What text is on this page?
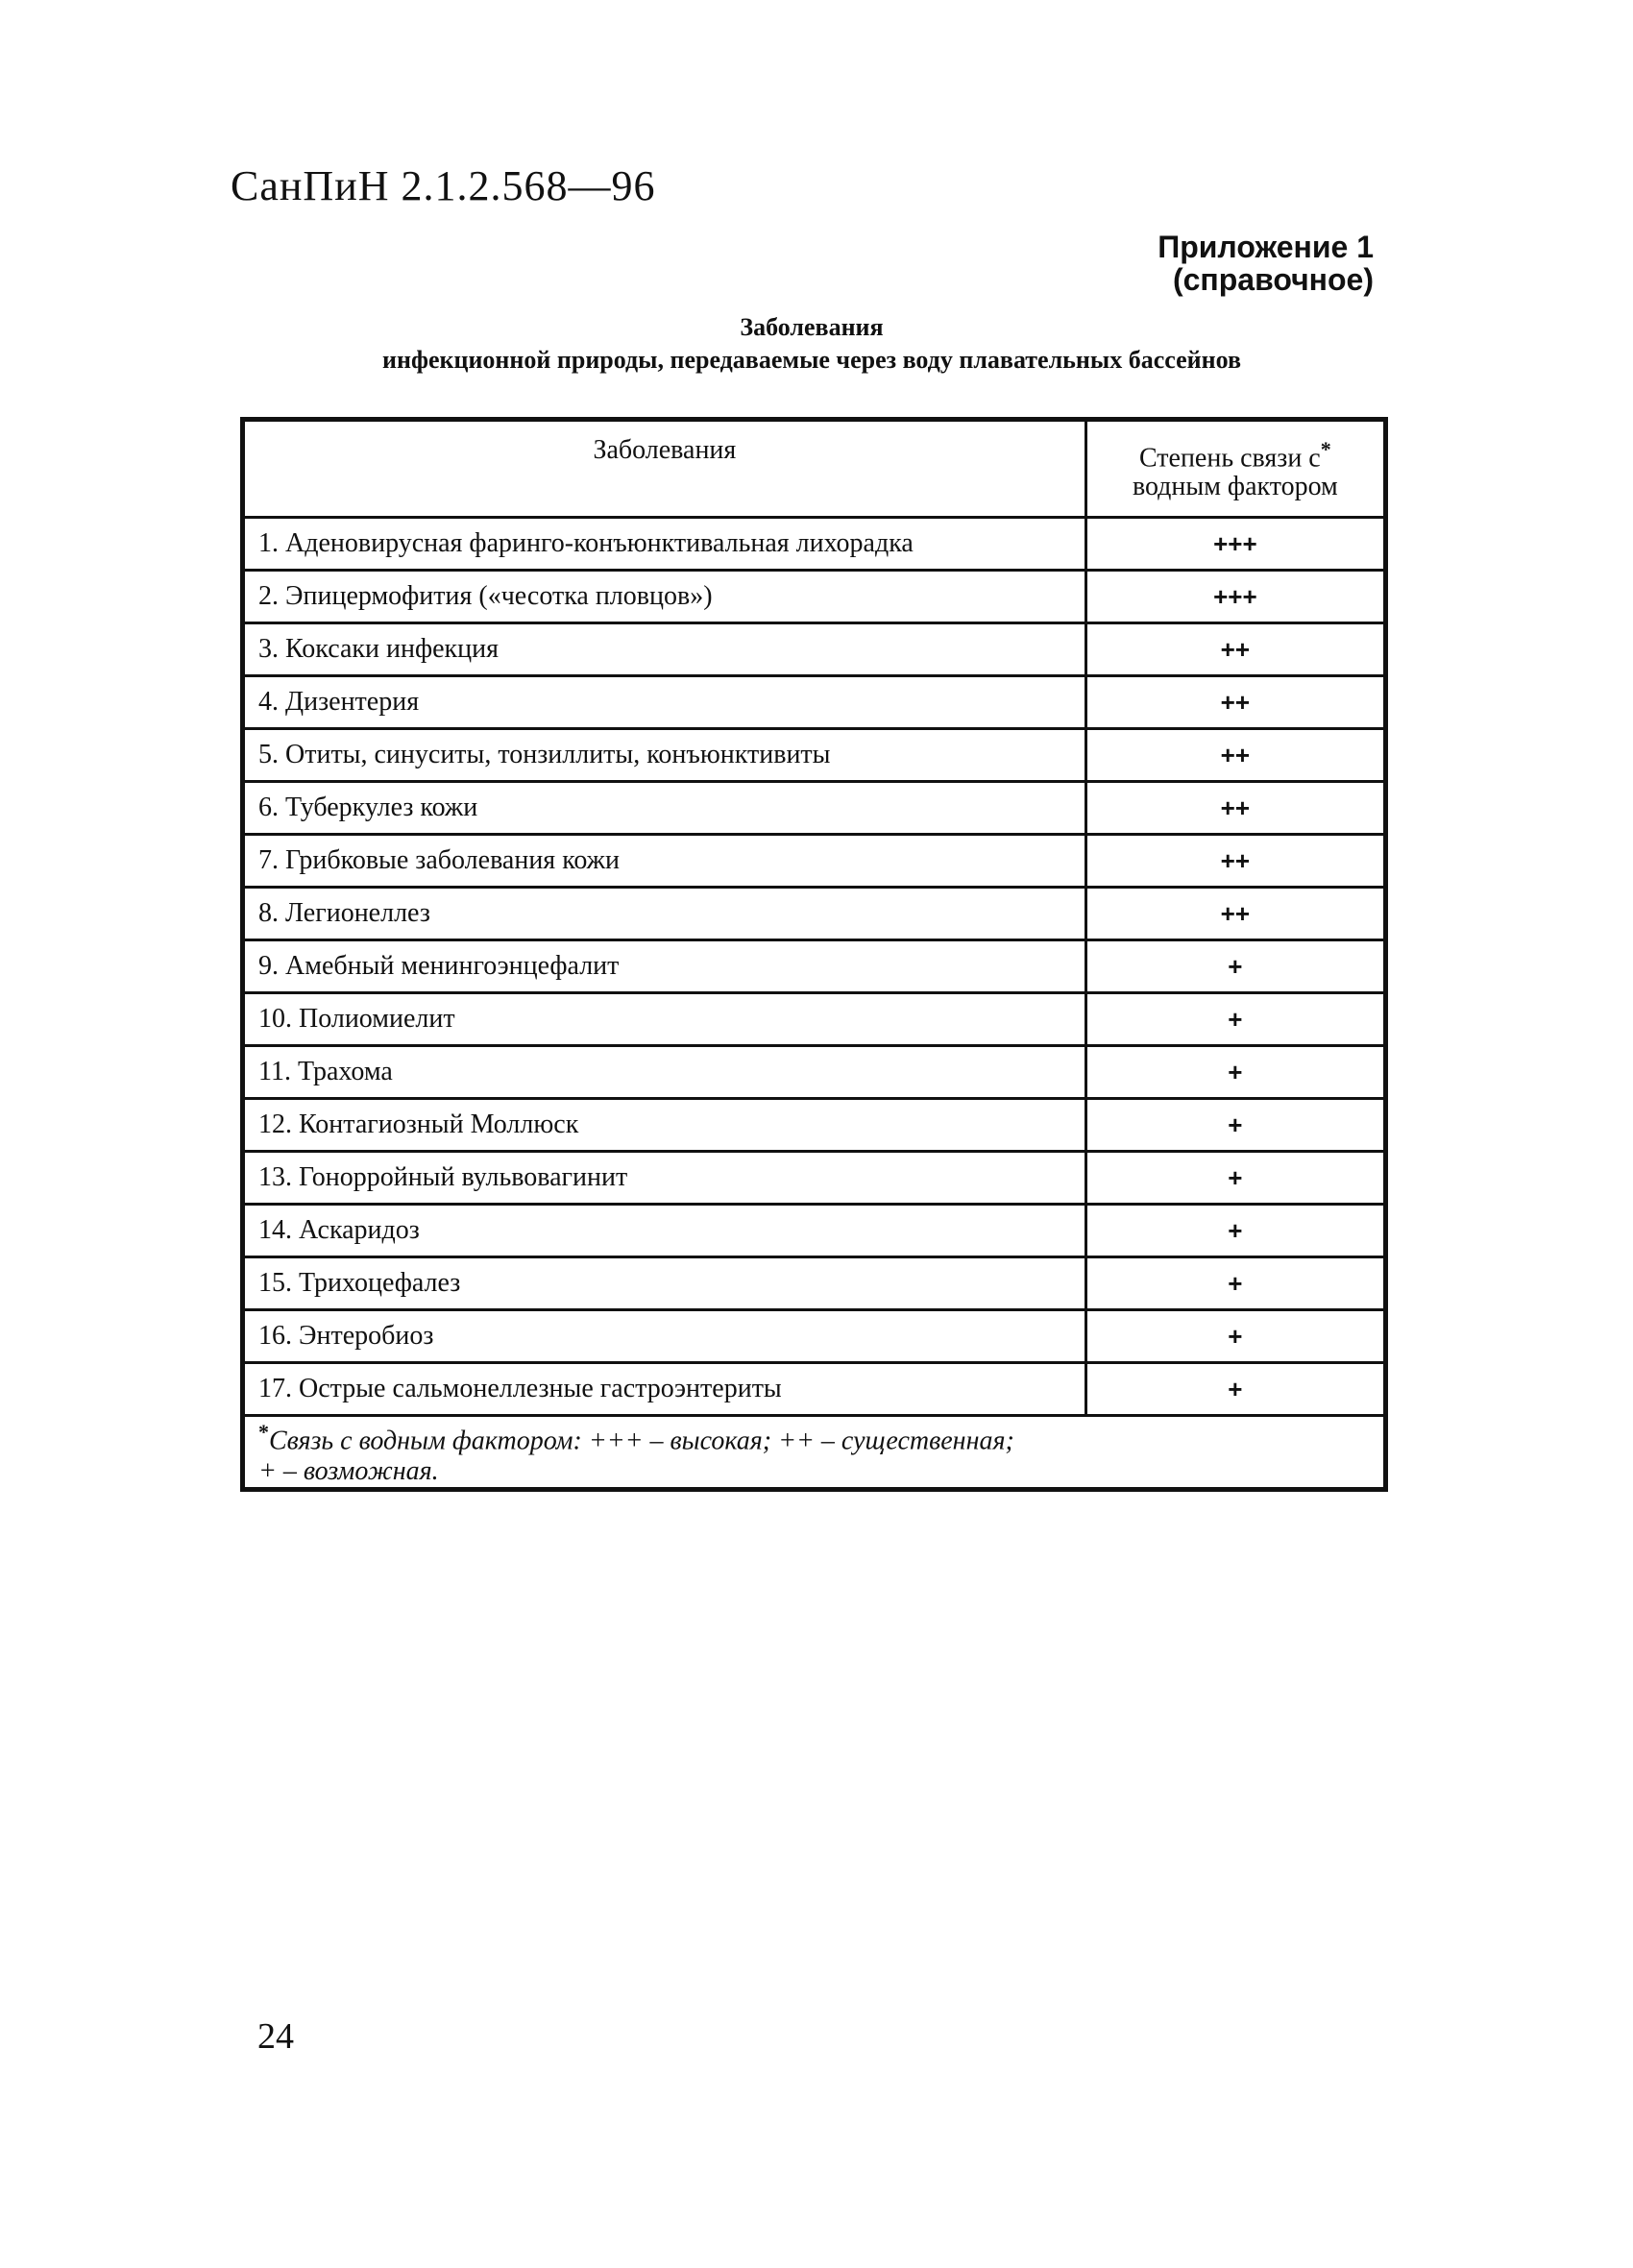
СанПиН 2.1.2.568—96
Приложение 1
(справочное)
Заболевания
инфекционной природы, передаваемые через воду плавательных бассейнов
Заболевания	Степень связи с*
водным фактором
1. Аденовирусная фаринго-конъюнктивальная лихорадка	+++
2. Эпицермофития («чесотка пловцов»)	+++
3. Коксаки инфекция	++
4. Дизентерия	++
5. Отиты, синуситы, тонзиллиты, конъюнктивиты	++
6. Туберкулез кожи	++
7. Грибковые заболевания кожи	++
8. Легионеллез	++
9. Амебный менингоэнцефалит	+
10. Полиомиелит	+
11. Трахома	+
12. Контагиозный Моллюск	+
13. Гонорройный вульвовагинит	+
14. Аскаридоз	+
15. Трихоцефалез	+
16. Энтеробиоз	+
17. Острые сальмонеллезные гастроэнтериты	+
*Связь с водным фактором: +++ – высокая; ++ – существенная;
+ – возможная.	
24
